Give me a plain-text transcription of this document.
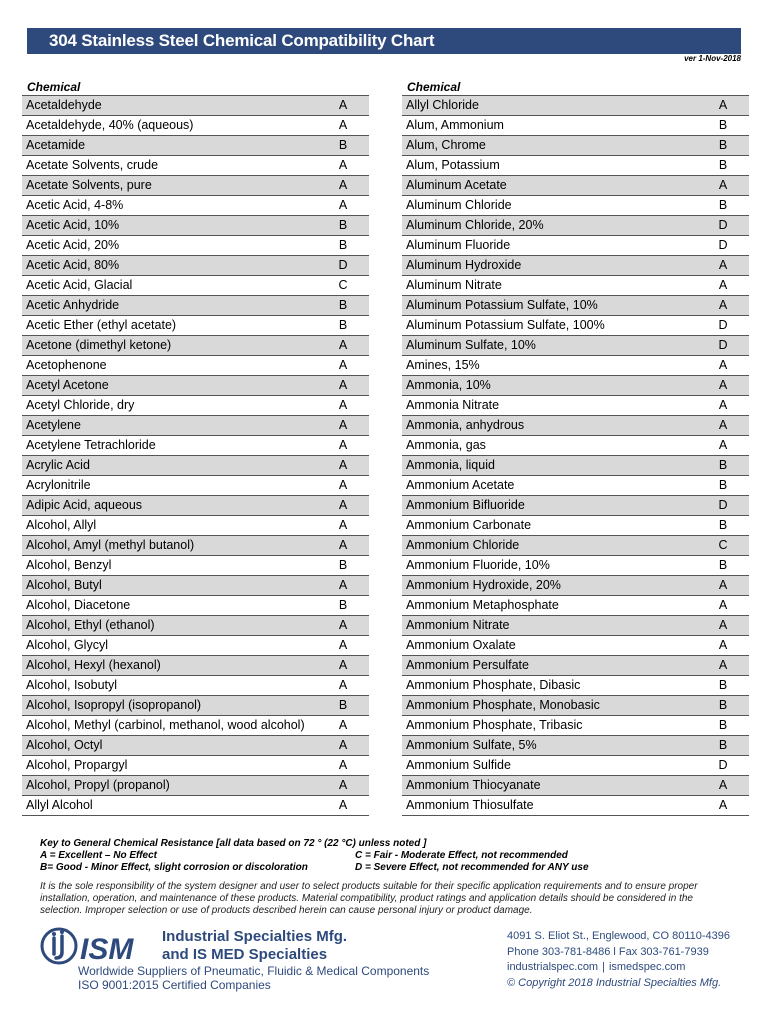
304 Stainless Steel Chemical Compatibility Chart
ver 1-Nov-2018
Chemical
Acetaldehyde	A
Acetaldehyde, 40% (aqueous)	A
Acetamide	B
Acetate Solvents, crude	A
Acetate Solvents, pure	A
Acetic Acid, 4-8%	A
Acetic Acid, 10%	B
Acetic Acid, 20%	B
Acetic Acid, 80%	D
Acetic Acid, Glacial	C
Acetic Anhydride	B
Acetic Ether (ethyl acetate)	B
Acetone (dimethyl ketone)	A
Acetophenone	A
Acetyl Acetone	A
Acetyl Chloride, dry	A
Acetylene	A
Acetylene Tetrachloride	A
Acrylic Acid	A
Acrylonitrile	A
Adipic Acid, aqueous	A
Alcohol, Allyl	A
Alcohol, Amyl (methyl butanol)	A
Alcohol, Benzyl	B
Alcohol, Butyl	A
Alcohol, Diacetone	B
Alcohol, Ethyl (ethanol)	A
Alcohol, Glycyl	A
Alcohol, Hexyl (hexanol)	A
Alcohol, Isobutyl	A
Alcohol, Isopropyl (isopropanol)	B
Alcohol, Methyl (carbinol, methanol, wood alcohol)	A
Alcohol, Octyl	A
Alcohol, Propargyl	A
Alcohol, Propyl (propanol)	A
Allyl Alcohol	A
Chemical
Allyl Chloride	A
Alum, Ammonium	B
Alum, Chrome	B
Alum, Potassium	B
Aluminum Acetate	A
Aluminum Chloride	B
Aluminum Chloride, 20%	D
Aluminum Fluoride	D
Aluminum Hydroxide	A
Aluminum Nitrate	A
Aluminum Potassium Sulfate, 10%	A
Aluminum Potassium Sulfate, 100%	D
Aluminum Sulfate, 10%	D
Amines, 15%	A
Ammonia, 10%	A
Ammonia Nitrate	A
Ammonia, anhydrous	A
Ammonia, gas	A
Ammonia, liquid	B
Ammonium Acetate	B
Ammonium Bifluoride	D
Ammonium Carbonate	B
Ammonium Chloride	C
Ammonium Fluoride, 10%	B
Ammonium Hydroxide, 20%	A
Ammonium Metaphosphate	A
Ammonium Nitrate	A
Ammonium Oxalate	A
Ammonium Persulfate	A
Ammonium Phosphate, Dibasic	B
Ammonium Phosphate, Monobasic	B
Ammonium Phosphate, Tribasic	B
Ammonium Sulfate, 5%	B
Ammonium Sulfide	D
Ammonium Thiocyanate	A
Ammonium Thiosulfate	A
Key to General Chemical Resistance [all data based on 72 ° (22 °C) unless noted ]
A = Excellent – No Effect	C = Fair - Moderate Effect, not recommended
B= Good - Minor Effect, slight corrosion or discoloration	D = Severe Effect, not recommended for ANY use
It is the sole responsibility of the system designer and user to select products suitable for their specific application requirements and to ensure proper installation, operation, and maintenance of these products. Material compatibility, product ratings and application details should be considered in the selection. Improper selection or use of products described herein can cause personal injury or product damage.
ISM Industrial Specialties Mfg.
and IS MED Specialties
Worldwide Suppliers of Pneumatic, Fluidic & Medical Components
ISO 9001:2015 Certified Companies
4091 S. Eliot St., Englewood, CO 80110-4396
Phone 303-781-8486 l Fax 303-761-7939
industrialspec.com | ismedspec.com
© Copyright 2018 Industrial Specialties Mfg.
